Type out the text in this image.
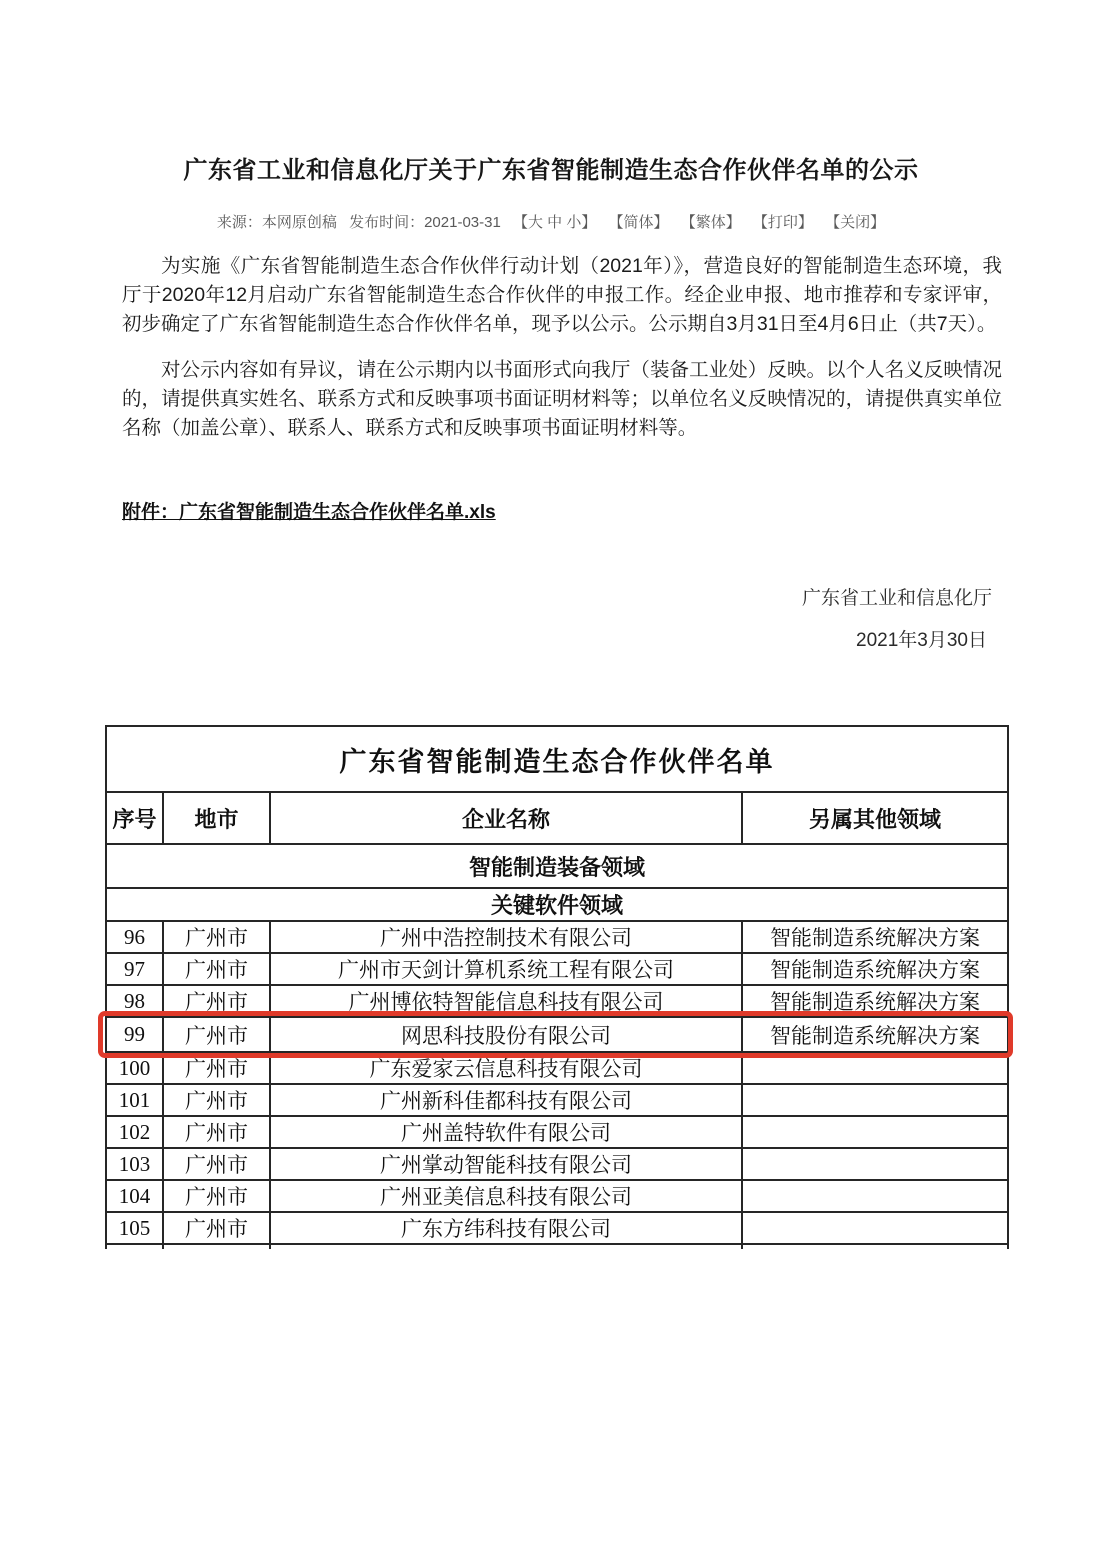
广东省工业和信息化厅关于广东省智能制造生态合作伙伴名单的公示
来源：本网原创稿 发布时间：2021-03-31 【大 中 小】 【简体】 【繁体】 【打印】 【关闭】

为实施《广东省智能制造生态合作伙伴行动计划（2021年）》，营造良好的智能制造生态环境，我厅于2020年12月启动广东省智能制造生态合作伙伴的申报工作。经企业申报、地市推荐和专家评审，初步确定了广东省智能制造生态合作伙伴名单，现予以公示。公示期自3月31日至4月6日止（共7天）。

对公示内容如有异议，请在公示期内以书面形式向我厅（装备工业处）反映。以个人名义反映情况的，请提供真实姓名、联系方式和反映事项书面证明材料等；以单位名义反映情况的，请提供真实单位名称（加盖公章）、联系人、联系方式和反映事项书面证明材料等。

附件：广东省智能制造生态合作伙伴名单.xls
广东省工业和信息化厅
2021年3月30日
广东省智能制造生态合作伙伴名单			
序号	地市	企业名称	另属其他领域
智能制造装备领域			
关键软件领域			
96	广州市	广州中浩控制技术有限公司	智能制造系统解决方案
97	广州市	广州市天剑计算机系统工程有限公司	智能制造系统解决方案
98	广州市	广州博依特智能信息科技有限公司	智能制造系统解决方案
99	广州市	网思科技股份有限公司	智能制造系统解决方案
100	广州市	广东爱家云信息科技有限公司	
101	广州市	广州新科佳都科技有限公司	
102	广州市	广州盖特软件有限公司	
103	广州市	广州掌动智能科技有限公司	
104	广州市	广州亚美信息科技有限公司	
105	广州市	广东方纬科技有限公司	
